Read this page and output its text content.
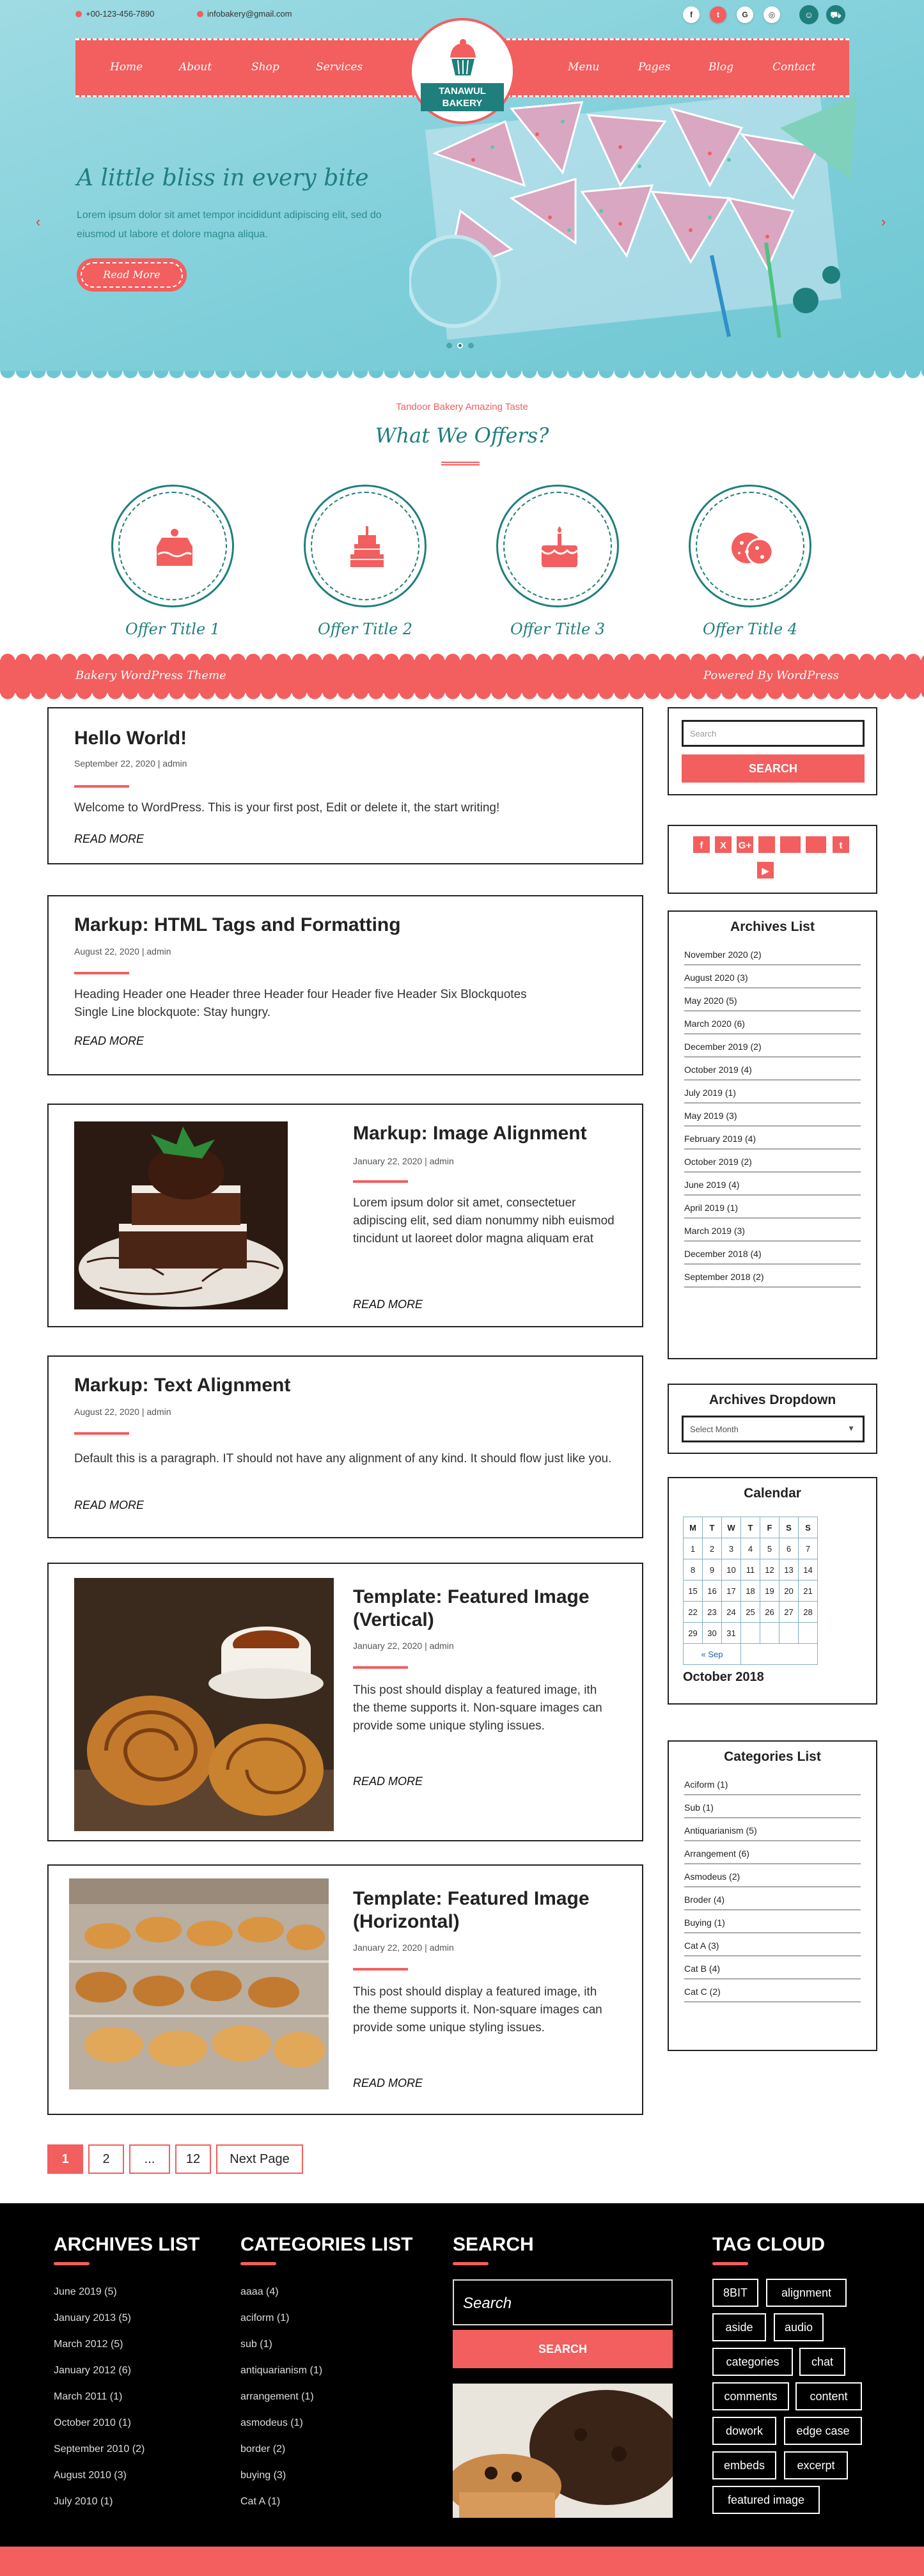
+00-123-456-7890	infobakery@gmail.com	f	t	G	◎	☺	⛟
Home	About	Shop	Services	Menu	Pages	Blog	Contact
TANAWUL
BAKERY
A little bliss in every bite

Lorem ipsum dolor sit amet tempor incididunt adipiscing elit, sed do eiusmod ut labore et dolore magna aliqua.

Read More
‹	›
Tandoor Bakery Amazing Taste
What We Offers?
Offer Title 1	Offer Title 2	Offer Title 3	Offer Title 4
Bakery WordPress Theme	Powered By WordPress
Hello World!
September 22, 2020 | admin
Welcome to WordPress. This is your first post, Edit or delete it, the start writing!
READ MORE
Markup: HTML Tags and Formatting
August 22, 2020 | admin
Heading Header one Header three Header four Header five Header Six Blockquotes Single Line blockquote: Stay hungry.
READ MORE
Markup: Image Alignment
January 22, 2020 | admin
Lorem ipsum dolor sit amet, consectetuer adipiscing elit, sed diam nonummy nibh euismod tincidunt ut laoreet dolor magna aliquam erat
READ MORE
Markup: Text Alignment
August 22, 2020 | admin
Default this is a paragraph. IT should not have any alignment of any kind. It should flow just like you.
READ MORE
Template: Featured Image (Vertical)
January 22, 2020 | admin
This post should display a featured image, ith the theme supports it. Non-square images can provide some unique styling issues.
READ MORE
Template: Featured Image (Horizontal)
January 22, 2020 | admin
This post should display a featured image, ith the theme supports it. Non-square images can provide some unique styling issues.
READ MORE
Search
SEARCH
f	X	G+	t
▶
Archives List
November 2020 (2)
August 2020 (3)
May 2020 (5)
March 2020 (6)
December 2019 (2)
October 2019 (4)
July 2019 (1)
May 2019 (3)
February 2019 (4)
October 2019 (2)
June 2019 (4)
April 2019 (1)
March 2019 (3)
December 2018 (4)
September 2018 (2)
Archives Dropdown
Select Month	▼
Calendar
M	T	W	T	F	S	S
1	2	3	4	5	6	7
8	9	10	11	12	13	14
15	16	17	18	19	20	21
22	23	24	25	26	27	28
29	30	31				
« Sep						
October 2018
Categories List
Aciform (1)
Sub (1)
Antiquarianism (5)
Arrangement (6)
Asmodeus (2)
Broder (4)
Buying (1)
Cat A (3)
Cat B (4)
Cat C (2)
1	2	...	12	Next Page
ARCHIVES LIST
June 2019 (5)
January 2013 (5)
March 2012 (5)
January 2012 (6)
March 2011 (1)
October 2010 (1)
September 2010 (2)
August 2010 (3)
July 2010 (1)
CATEGORIES LIST
aaaa (4)
aciform (1)
sub (1)
antiquarianism (1)
arrangement (1)
asmodeus (1)
border (2)
buying (3)
Cat A (1)
SEARCH
Search
SEARCH
TAG CLOUD
8BIT	alignment
aside	audio
categories	chat
comments	content
dowork	edge case
embeds	excerpt
featured image
